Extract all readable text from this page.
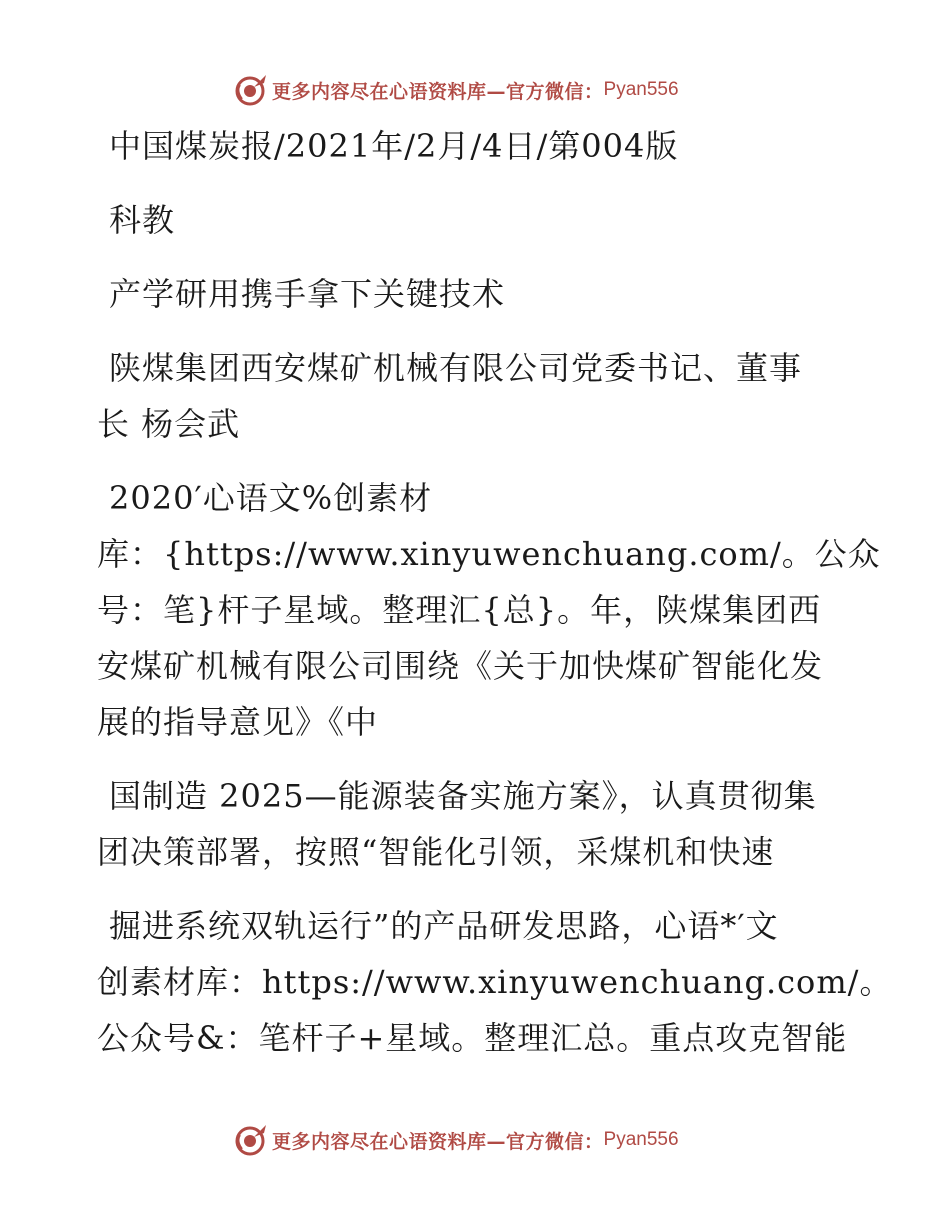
更多内容尽在心语资料库—官方微信： Pyan556
中国煤炭报/2021年/2月/4日/第004版
科教
产学研用携手拿下关键技术
陕煤集团西安煤矿机械有限公司党委书记、董事
长 杨会武
2020′心语文%创素材
库：{https://www.xinyuwenchuang.com/。公众
号：笔}杆子星域。整理汇{总}。年，陕煤集团西
安煤矿机械有限公司围绕《关于加快煤矿智能化发
展的指导意见》《中
国制造 2025—能源装备实施方案》，认真贯彻集
团决策部署，按照“智能化引领，采煤机和快速
掘进系统双轨运行”的产品研发思路，心语*′文
创素材库：https://www.xinyuwenchuang.com/。
公众号&：笔杆子+星域。整理汇总。重点攻克智能
更多内容尽在心语资料库—官方微信： Pyan556
